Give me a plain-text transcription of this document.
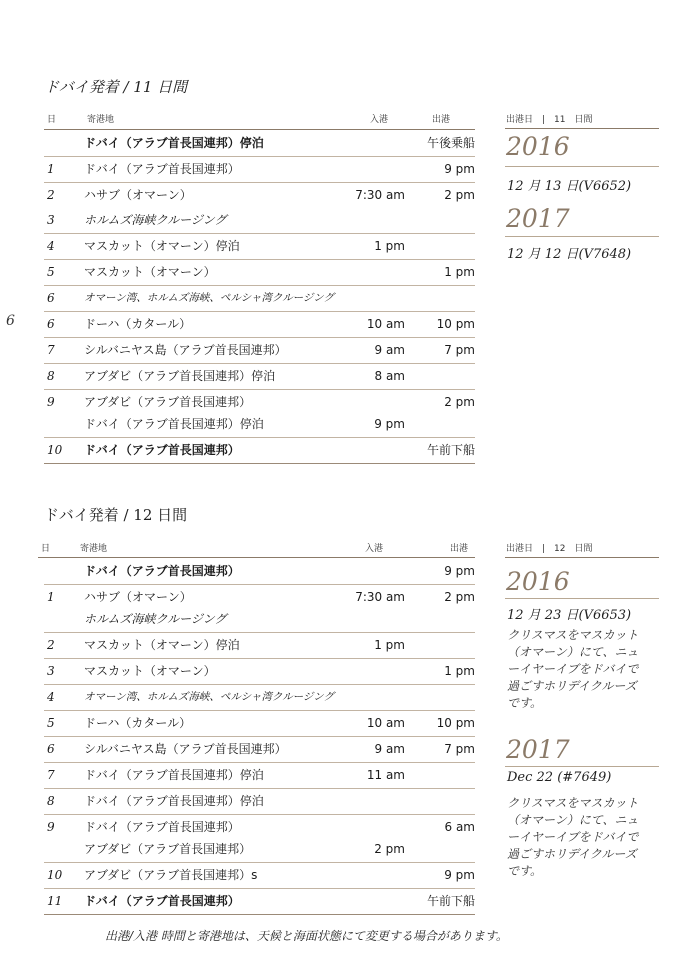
ドバイ発着 / 11 日間
日	寄港地	入港	出港

	ドバイ（アラブ首長国連邦）停泊		午後乗船

1	ドバイ（アラブ首長国連邦）		9 pm

2	ハサブ（オマーン）	7:30 am	2 pm

3	ホルムズ海峡クルージング		

4	マスカット（オマーン）停泊	1 pm	

5	マスカット（オマーン）		1 pm

6	オマーン湾、ホルムズ海峡、ペルシャ湾クルージング		

6	ドーハ（カタール）	10 am	10 pm

7	シルバニヤス島（アラブ首長国連邦）	9 am	7 pm

8	アブダビ（アラブ首長国連邦）停泊	8 am	

9	アブダビ（アラブ首長国連邦）
ドバイ（アラブ首長国連邦）停泊	9 pm	2 pm

10	ドバイ（アラブ首長国連邦）		午前下船
出港日　|　11　日間
2016
12 月 13 日(V6652)
2017
12 月 12 日(V7648)
6
ドバイ発着 / 12 日間
日	寄港地	入港	出港

	ドバイ（アラブ首長国連邦）		9 pm

1	ハサブ（オマーン）
ホルムズ海峡クルージング	7:30 am	2 pm

2	マスカット（オマーン）停泊	1 pm	

3	マスカット（オマーン）		1 pm

4	オマーン湾、ホルムズ海峡、ペルシャ湾クルージング		

5	ドーハ（カタール）	10 am	10 pm

6	シルバニヤス島（アラブ首長国連邦）	9 am	7 pm

7	ドバイ（アラブ首長国連邦）停泊	11 am	

8	ドバイ（アラブ首長国連邦）停泊		

9	ドバイ（アラブ首長国連邦）
アブダビ（アラブ首長国連邦）	2 pm	6 am

10	アブダビ（アラブ首長国連邦）s		9 pm

11	ドバイ（アラブ首長国連邦）		午前下船
出港日　|　12　日間
2016
12 月 23 日(V6653)
クリスマスをマスカット（オマーン）にて、ニューイヤーイブをドバイで過ごすホリデイクルーズです。
2017
Dec 22 (#7649)
クリスマスをマスカット（オマーン）にて、ニューイヤーイブをドバイで過ごすホリデイクルーズです。
出港/入港 時間と寄港地は、天候と海面状態にて変更する場合があります。
